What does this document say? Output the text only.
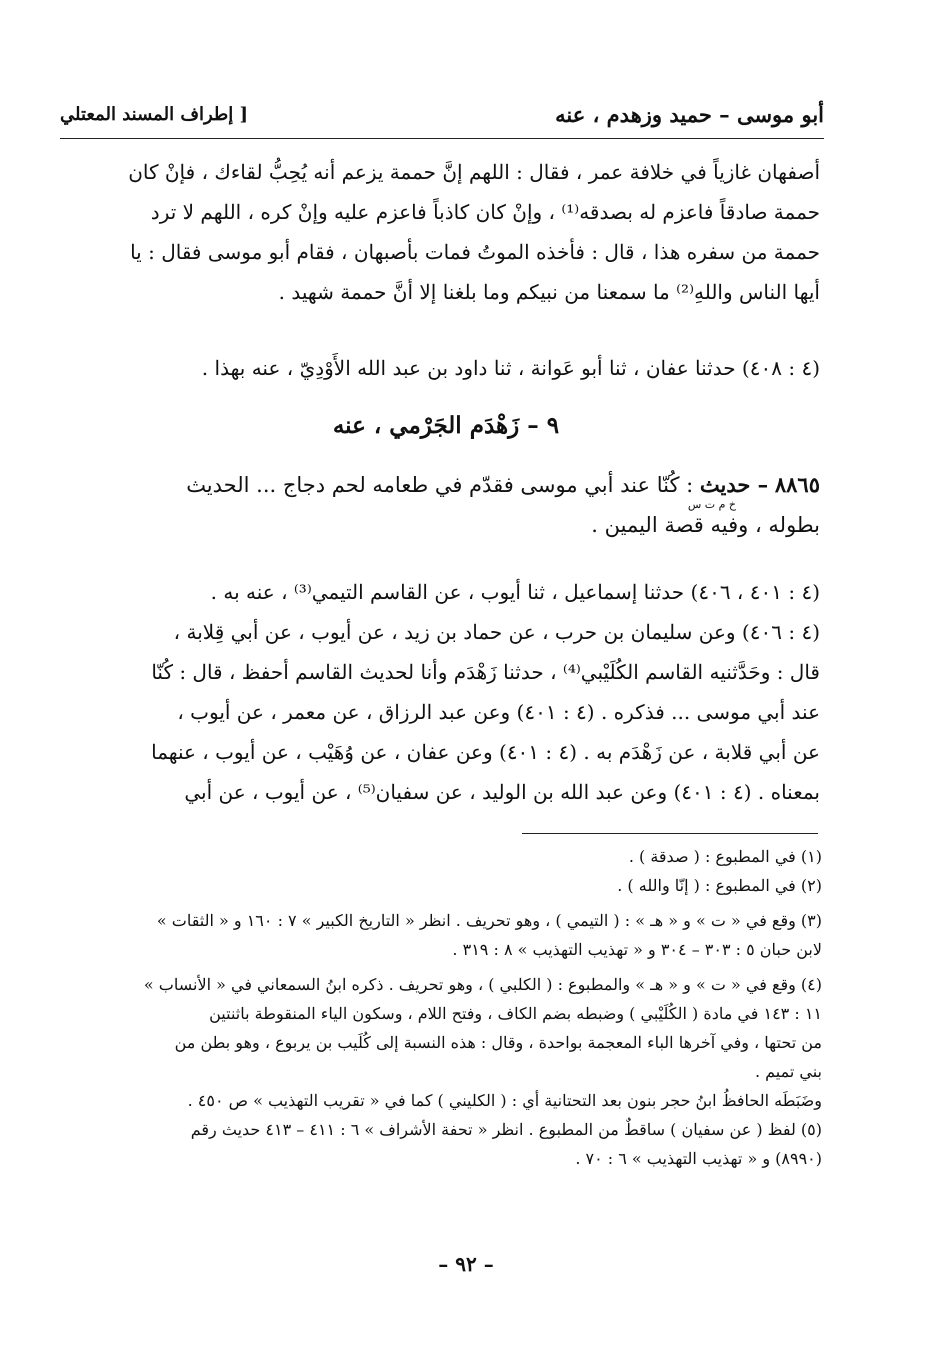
أبو موسى – حميد وزهدم ، عنه
[ إطراف المسند المعتلي
أصفهان غازياً في خلافة عمر ، فقال : اللهم إنَّ حممة يزعم أنه يُحِبُّ لقاءك ، فإنْ كان
حممة صادقاً فاعزم له بصدقه⁽¹⁾ ، وإنْ كان كاذباً فاعزم عليه وإنْ كره ، اللهم لا ترد
حممة من سفره هذا ، قال : فأخذه الموتُ فمات بأصبهان ، فقام أبو موسى فقال : يا
أيها الناس واللهِ⁽²⁾ ما سمعنا من نبيكم وما بلغنا إلا أنَّ حممة شهيد .
(٤ : ٤٠٨) حدثنا عفان ، ثنا أبو عَوانة ، ثنا داود بن عبد الله الأَوْدِيّ ، عنه بهذا .
٩ – زَهْدَم الجَرْمي ، عنه
٨٨٦٥ – حديث : كُنّا عند أبي موسى فقدّم في طعامه لحم دجاج ... الحديث
بطوله ، وفيه قصة اليمين .
خ م ت س
(٤ : ٤٠١ ، ٤٠٦) حدثنا إسماعيل ، ثنا أيوب ، عن القاسم التيمي⁽³⁾ ، عنه به .
(٤ : ٤٠٦) وعن سليمان بن حرب ، عن حماد بن زيد ، عن أيوب ، عن أبي قِلابة ،
قال : وحَدَّثنيه القاسم الكُلَيْبي⁽⁴⁾ ، حدثنا زَهْدَم وأنا لحديث القاسم أحفظ ، قال : كُنّا
عند أبي موسى ... فذكره . (٤ : ٤٠١) وعن عبد الرزاق ، عن معمر ، عن أيوب ،
عن أبي قلابة ، عن زَهْدَم به . (٤ : ٤٠١) وعن عفان ، عن وُهَيْب ، عن أيوب ، عنهما
بمعناه . (٤ : ٤٠١) وعن عبد الله بن الوليد ، عن سفيان⁽⁵⁾ ، عن أيوب ، عن أبي
(١) في المطبوع : ( صدقة ) .
(٢) في المطبوع : ( إنّا والله ) .
(٣) وقع في « ت » و « هـ » : ( التيمي ) ، وهو تحريف . انظر « التاريخ الكبير » ٧ : ١٦٠ و « الثقات »
لابن حبان ٥ : ٣٠٣ – ٣٠٤ و « تهذيب التهذيب » ٨ : ٣١٩ .
(٤) وقع في « ت » و « هـ » والمطبوع : ( الكلبي ) ، وهو تحريف . ذكره ابنُ السمعاني في « الأنساب »
١١ : ١٤٣ في مادة ( الكُلَيْبي ) وضبطه بضم الكاف ، وفتح اللام ، وسكون الياء المنقوطة باثنتين
من تحتها ، وفي آخرها الباء المعجمة بواحدة ، وقال : هذه النسبة إلى كُلَيب بن يربوع ، وهو بطن من
بني تميم .
وضَبَطَه الحافظُ ابنُ حجر بنون بعد التحتانية أي : ( الكليني ) كما في « تقريب التهذيب » ص ٤٥٠ .
(٥) لفظ ( عن سفيان ) ساقطٌ من المطبوع . انظر « تحفة الأشراف » ٦ : ٤١١ – ٤١٣ حديث رقم
(٨٩٩٠) و « تهذيب التهذيب » ٦ : ٧٠ .
– ٩٢ –
